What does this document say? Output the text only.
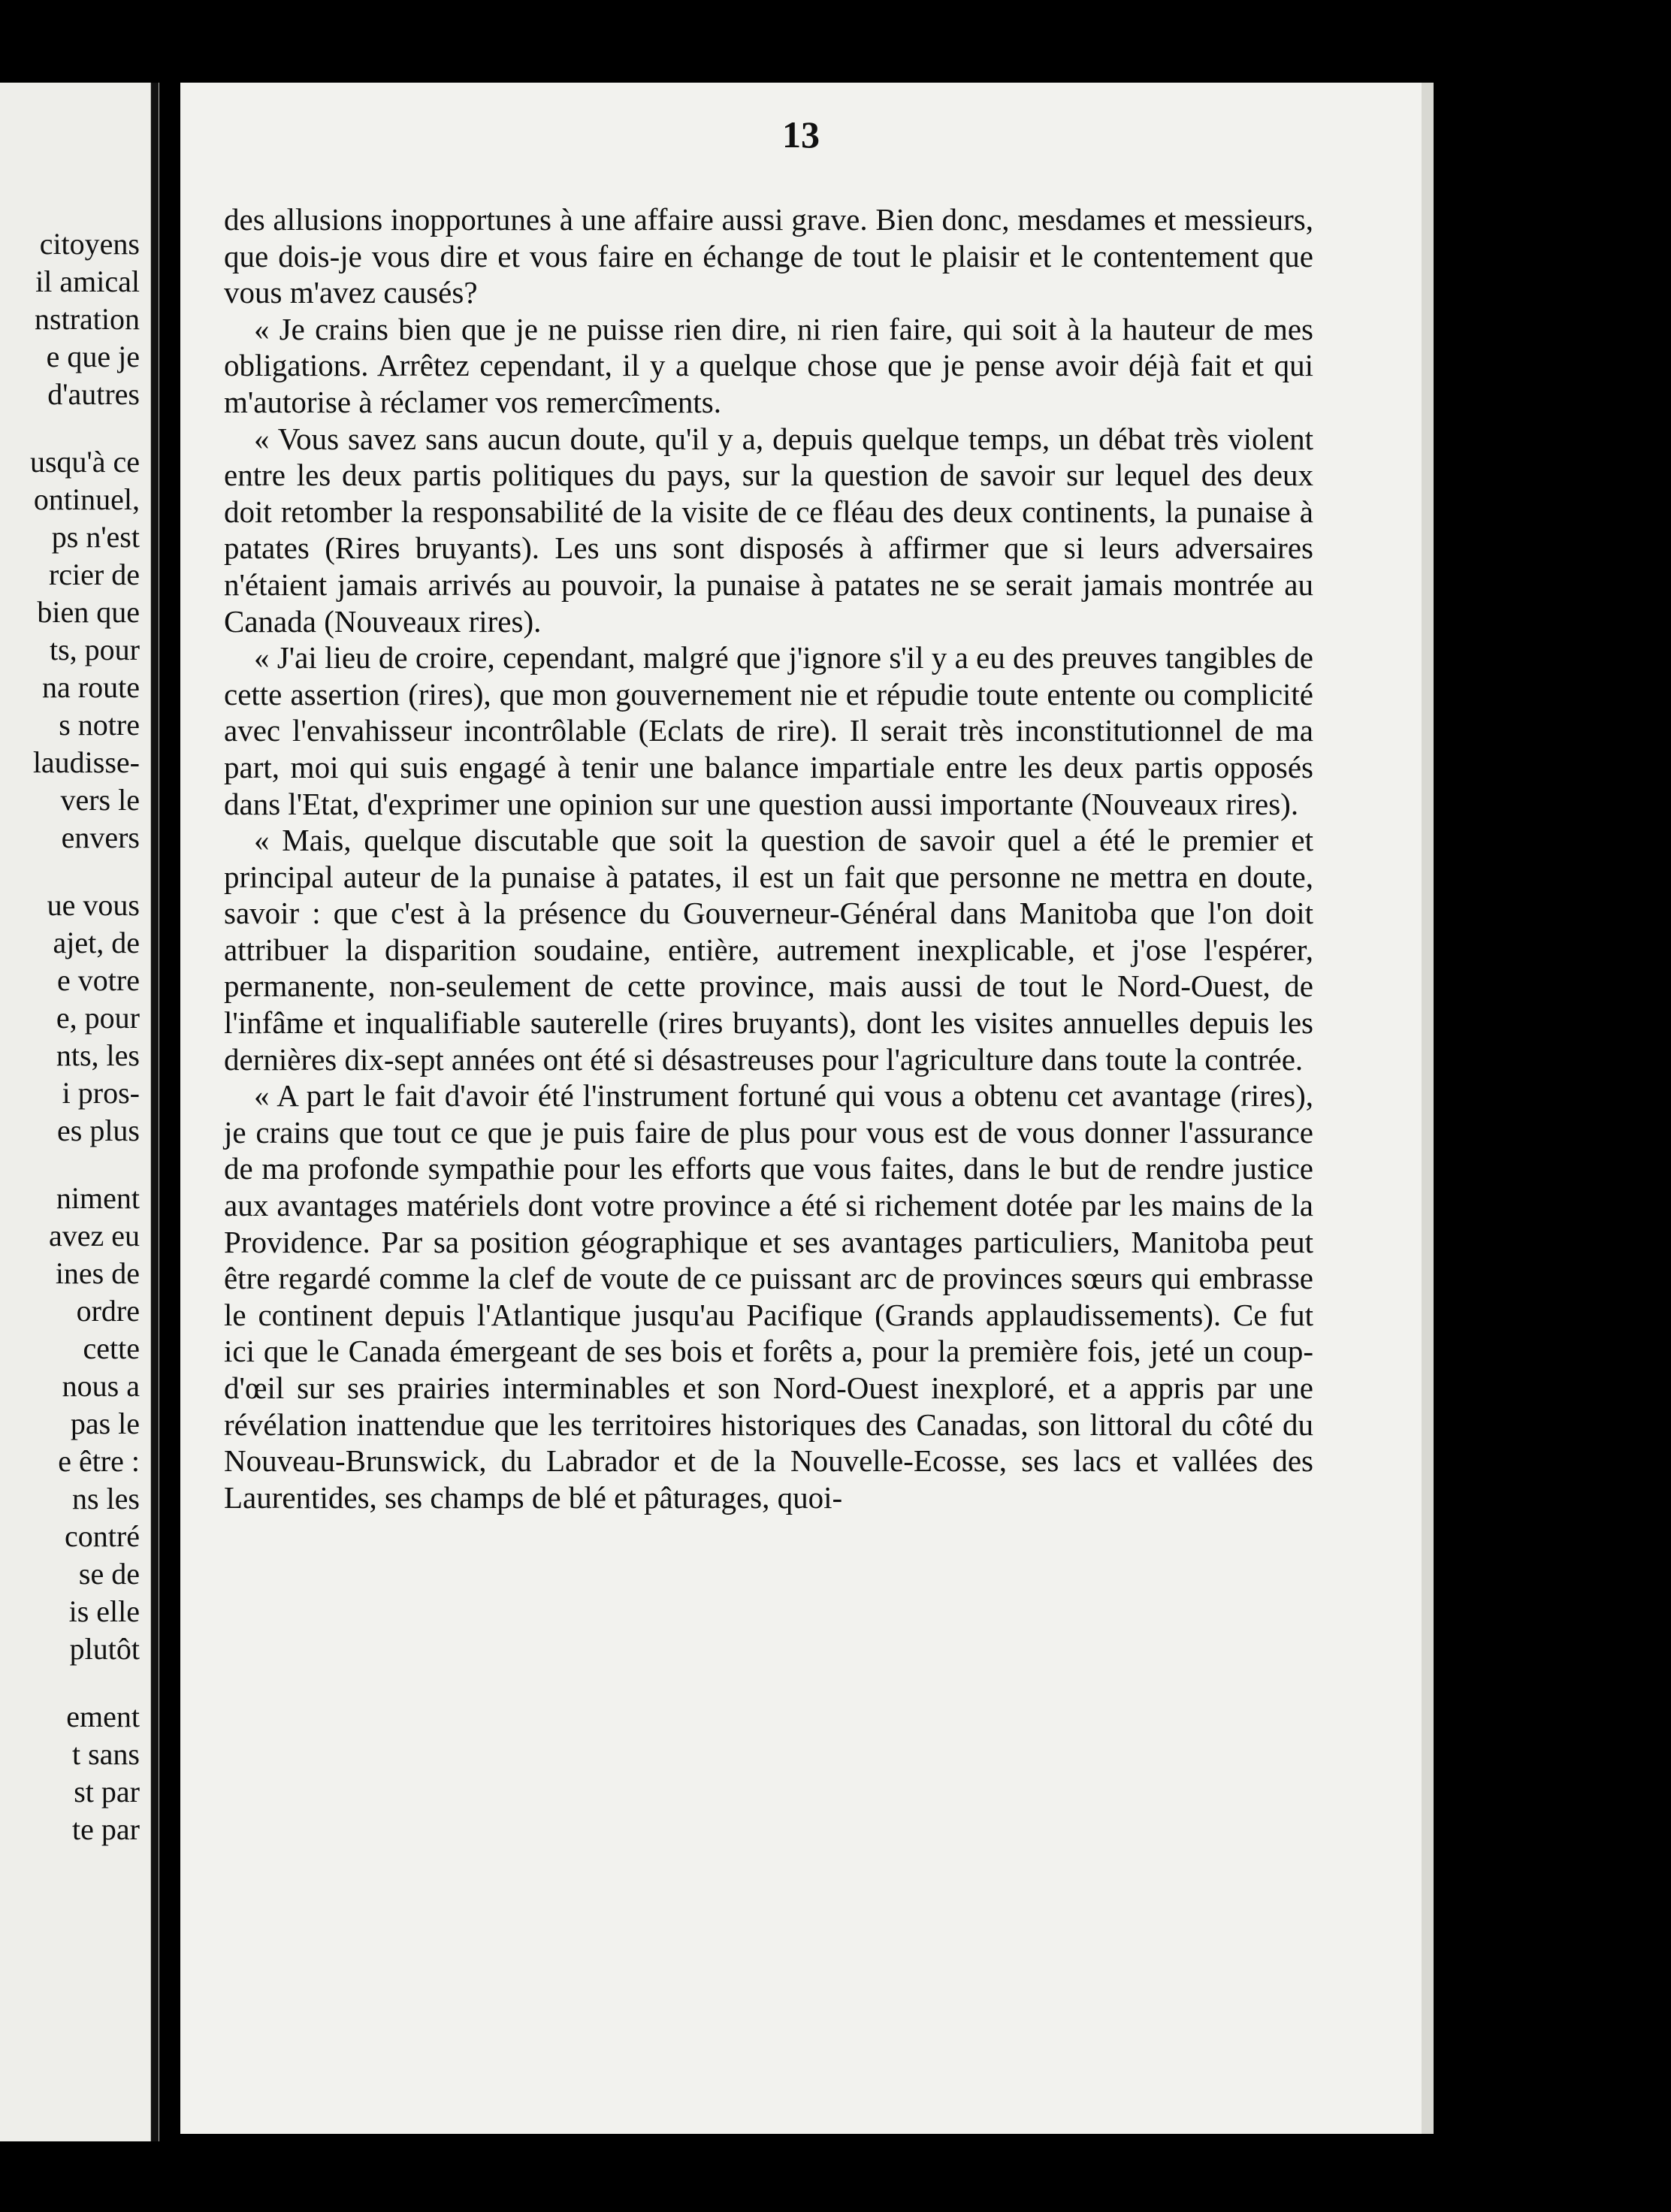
citoyens
il amical
nstration
e que je
d'autres
usqu'à ce
ontinuel,
ps n'est
rcier de
bien que
ts, pour
na route
s notre
laudisse-
vers le
envers
ue vous
ajet, de
e votre
e, pour
nts, les
i pros-
es plus
niment
avez eu
ines de
ordre
cette
nous a
pas le
e être :
ns les
contré
se de
is elle
plutôt
ement
t sans
st par
te par
13

des allusions inopportunes à une affaire aussi grave. Bien donc, mesdames et messieurs, que dois-je vous dire et vous faire en échange de tout le plaisir et le contentement que vous m'avez causés?

« Je crains bien que je ne puisse rien dire, ni rien faire, qui soit à la hauteur de mes obligations. Arrêtez cependant, il y a quelque chose que je pense avoir déjà fait et qui m'autorise à réclamer vos remercîments.

« Vous savez sans aucun doute, qu'il y a, depuis quelque temps, un débat très violent entre les deux partis politiques du pays, sur la question de savoir sur lequel des deux doit retomber la responsabilité de la visite de ce fléau des deux continents, la punaise à patates (Rires bruyants). Les uns sont disposés à affirmer que si leurs adversaires n'étaient jamais arrivés au pouvoir, la punaise à patates ne se serait jamais montrée au Canada (Nouveaux rires).

« J'ai lieu de croire, cependant, malgré que j'ignore s'il y a eu des preuves tangibles de cette assertion (rires), que mon gouvernement nie et répudie toute entente ou complicité avec l'envahisseur incontrôlable (Eclats de rire). Il serait très inconstitutionnel de ma part, moi qui suis engagé à tenir une balance impartiale entre les deux partis opposés dans l'Etat, d'exprimer une opinion sur une question aussi importante (Nouveaux rires).

« Mais, quelque discutable que soit la question de savoir quel a été le premier et principal auteur de la punaise à patates, il est un fait que personne ne mettra en doute, savoir : que c'est à la présence du Gouverneur-Général dans Manitoba que l'on doit attribuer la disparition soudaine, entière, autrement inexplicable, et j'ose l'espérer, permanente, non-seulement de cette province, mais aussi de tout le Nord-Ouest, de l'infâme et inqualifiable sauterelle (rires bruyants), dont les visites annuelles depuis les dernières dix-sept années ont été si désastreuses pour l'agriculture dans toute la contrée.

« A part le fait d'avoir été l'instrument fortuné qui vous a obtenu cet avantage (rires), je crains que tout ce que je puis faire de plus pour vous est de vous donner l'assurance de ma profonde sympathie pour les efforts que vous faites, dans le but de rendre justice aux avantages matériels dont votre province a été si richement dotée par les mains de la Providence. Par sa position géographique et ses avantages particuliers, Manitoba peut être regardé comme la clef de voute de ce puissant arc de provinces sœurs qui embrasse le continent depuis l'Atlantique jusqu'au Pacifique (Grands applaudissements). Ce fut ici que le Canada émergeant de ses bois et forêts a, pour la première fois, jeté un coup-d'œil sur ses prairies interminables et son Nord-Ouest inexploré, et a appris par une révélation inattendue que les territoires historiques des Canadas, son littoral du côté du Nouveau-Brunswick, du Labrador et de la Nouvelle-Ecosse, ses lacs et vallées des Laurentides, ses champs de blé et pâturages, quoi-
